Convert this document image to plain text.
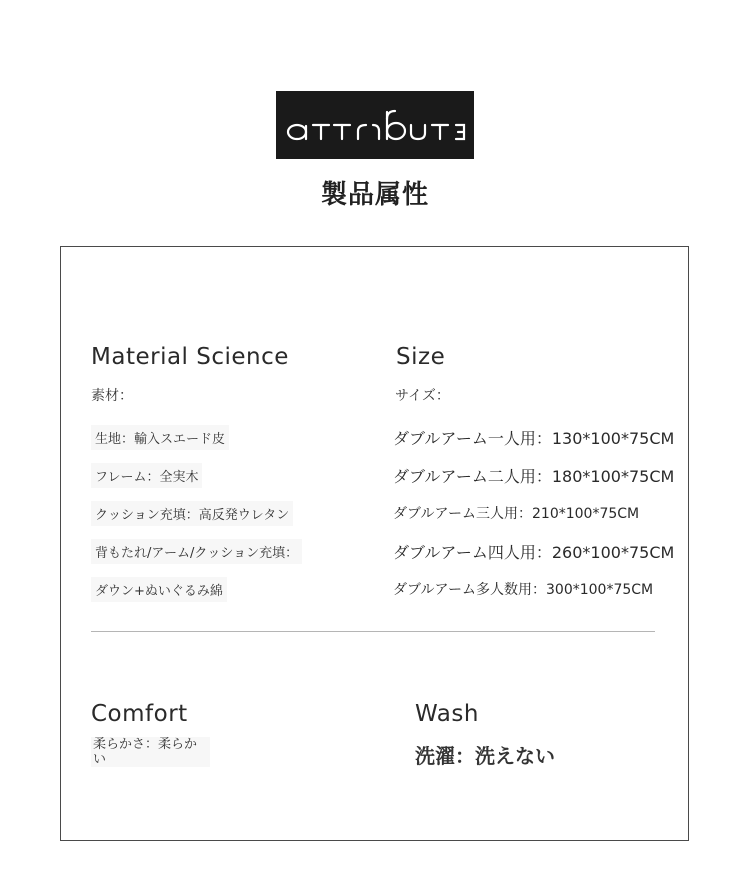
製品属性
Material Science
素材：
生地：輸入スエード皮
フレーム：全実木
クッション充填：高反発ウレタン
背もたれ/アーム/クッション充填：
ダウン+ぬいぐるみ綿
Size
サイズ：
ダブルアーム一人用：130*100*75CM
ダブルアーム二人用：180*100*75CM
ダブルアーム三人用：210*100*75CM
ダブルアーム四人用：260*100*75CM
ダブルアーム多人数用：300*100*75CM
Comfort
柔らかさ：柔らかい
Wash
洗濯：洗えない
